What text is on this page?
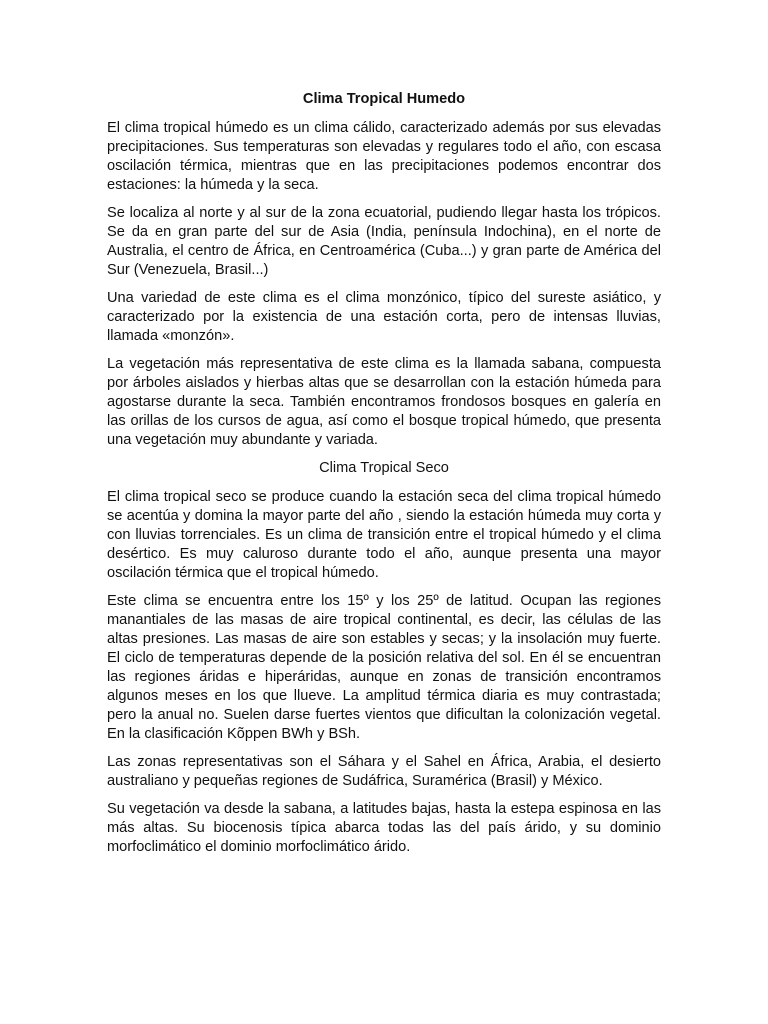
Clima Tropical Humedo

El clima tropical húmedo es un clima cálido, caracterizado además por sus elevadas precipitaciones. Sus temperaturas son elevadas y regulares todo el año, con escasa oscilación térmica, mientras que en las precipitaciones podemos encontrar dos estaciones: la húmeda y la seca.

Se localiza al norte y al sur de la zona ecuatorial, pudiendo llegar hasta los trópicos. Se da en gran parte del sur de Asia (India, península Indochina), en el norte de Australia, el centro de África, en Centroamérica (Cuba...) y gran parte de América del Sur (Venezuela, Brasil...)

Una variedad de este clima es el clima monzónico, típico del sureste asiático, y caracterizado por la existencia de una estación corta, pero de intensas lluvias, llamada «monzón».

La vegetación más representativa de este clima es la llamada sabana, compuesta por árboles aislados y hierbas altas que se desarrollan con la estación húmeda para agostarse durante la seca. También encontramos frondosos bosques en galería en las orillas de los cursos de agua, así como el bosque tropical húmedo, que presenta una vegetación muy abundante y variada.

Clima Tropical Seco

El clima tropical seco se produce cuando la estación seca del clima tropical húmedo se acentúa y domina la mayor parte del año , siendo la estación húmeda muy corta y con lluvias torrenciales. Es un clima de transición entre el tropical húmedo y el clima desértico. Es muy caluroso durante todo el año, aunque presenta una mayor oscilación térmica que el tropical húmedo.

Este clima se encuentra entre los 15º y los 25º de latitud. Ocupan las regiones manantiales de las masas de aire tropical continental, es decir, las células de las altas presiones. Las masas de aire son estables y secas; y la insolación muy fuerte. El ciclo de temperaturas depende de la posición relativa del sol. En él se encuentran las regiones áridas e hiperáridas, aunque en zonas de transición encontramos algunos meses en los que llueve. La amplitud térmica diaria es muy contrastada; pero la anual no. Suelen darse fuertes vientos que dificultan la colonización vegetal. En la clasificación Kõppen BWh y BSh.

Las zonas representativas son el Sáhara y el Sahel en África, Arabia, el desierto australiano y pequeñas regiones de Sudáfrica, Suramérica (Brasil) y México.

Su vegetación va desde la sabana, a latitudes bajas, hasta la estepa espinosa en las más altas. Su biocenosis típica abarca todas las del país árido, y su dominio morfoclimático el dominio morfoclimático árido.
